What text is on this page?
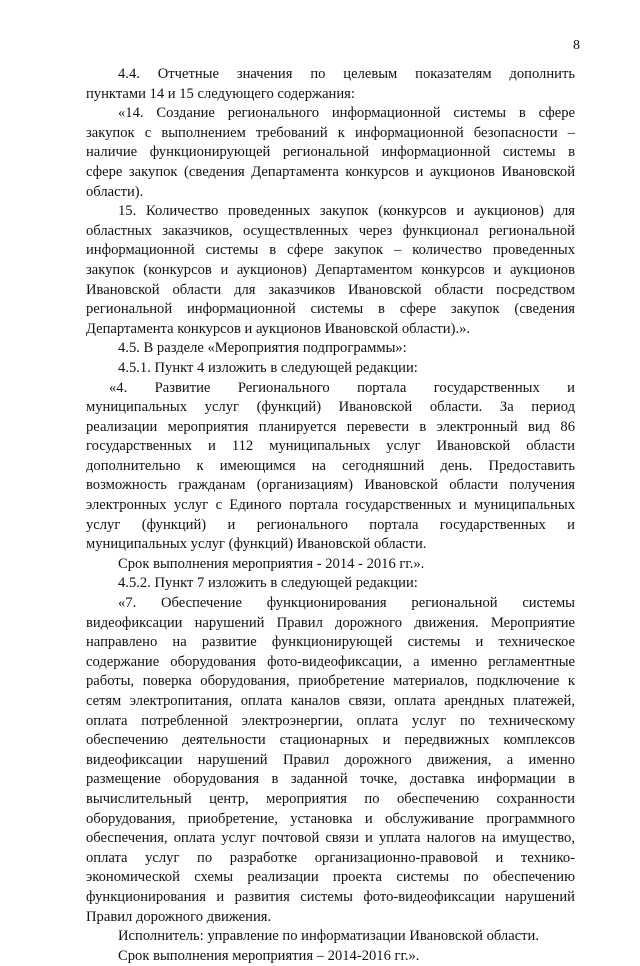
8
4.4. Отчетные значения по целевым показателям дополнить
пунктами 14 и 15 следующего содержания:
«14. Создание регионального информационной системы в сфере
закупок с выполнением требований к информационной безопасности –
наличие функционирующей региональной информационной системы в
сфере закупок (сведения Департамента конкурсов и аукционов Ивановской
области).
15. Количество проведенных закупок (конкурсов и аукционов) для
областных заказчиков, осуществленных через функционал региональной
информационной системы в сфере закупок – количество проведенных
закупок (конкурсов и аукционов) Департаментом конкурсов и аукционов
Ивановской области для заказчиков Ивановской области посредством
региональной информационной системы в сфере закупок (сведения
Департамента конкурсов и аукционов Ивановской области).».
4.5. В разделе «Мероприятия подпрограммы»:
4.5.1. Пункт 4 изложить в следующей редакции:
«4. Развитие Регионального портала государственных и
муниципальных услуг (функций) Ивановской области. За период
реализации мероприятия планируется перевести в электронный вид 86
государственных и 112 муниципальных услуг Ивановской области
дополнительно к имеющимся на сегодняшний день. Предоставить
возможность гражданам (организациям) Ивановской области получения
электронных услуг с Единого портала государственных и муниципальных
услуг (функций) и регионального портала государственных и
муниципальных услуг (функций) Ивановской области.
Срок выполнения мероприятия - 2014 - 2016 гг.».
4.5.2. Пункт 7 изложить в следующей редакции:
«7. Обеспечение функционирования региональной системы
видеофиксации нарушений Правил дорожного движения. Мероприятие
направлено на развитие функционирующей системы и техническое
содержание оборудования фото-видеофиксации, а именно регламентные
работы, поверка оборудования, приобретение материалов, подключение к
сетям электропитания, оплата каналов связи, оплата арендных платежей,
оплата потребленной электроэнергии, оплата услуг по техническому
обеспечению деятельности стационарных и передвижных комплексов
видеофиксации нарушений Правил дорожного движения, а именно
размещение оборудования в заданной точке, доставка информации в
вычислительный центр, мероприятия по обеспечению сохранности
оборудования, приобретение, установка и обслуживание программного
обеспечения, оплата услуг почтовой связи и уплата налогов на имущество,
оплата услуг по разработке организационно-правовой и технико-
экономической схемы реализации проекта системы по обеспечению
функционирования и развития системы фото-видеофиксации нарушений
Правил дорожного движения.
Исполнитель: управление по информатизации Ивановской области.
Срок выполнения мероприятия – 2014-2016 гг.».
